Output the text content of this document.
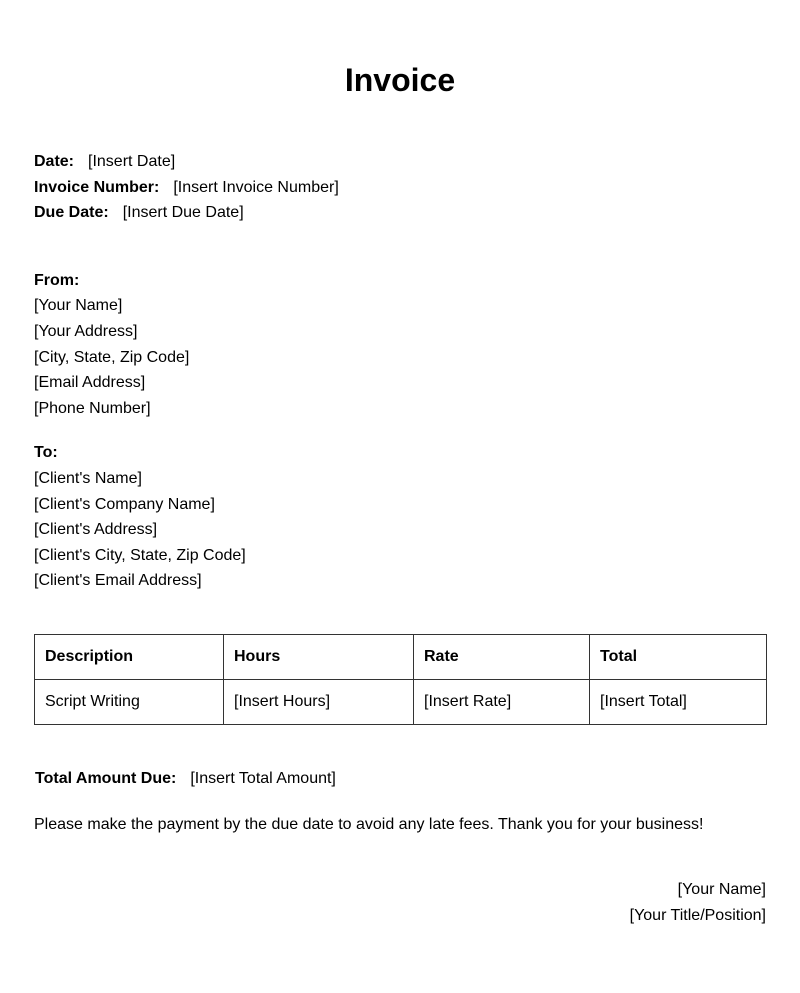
Invoice
Date: [Insert Date]
Invoice Number: [Insert Invoice Number]
Due Date: [Insert Due Date]
From:
[Your Name]
[Your Address]
[City, State, Zip Code]
[Email Address]
[Phone Number]
To:
[Client's Name]
[Client's Company Name]
[Client's Address]
[Client's City, State, Zip Code]
[Client's Email Address]
Description	Hours	Rate	Total
Script Writing	[Insert Hours]	[Insert Rate]	[Insert Total]
Total Amount Due: [Insert Total Amount]
Please make the payment by the due date to avoid any late fees. Thank you for your business!
[Your Name]
[Your Title/Position]
